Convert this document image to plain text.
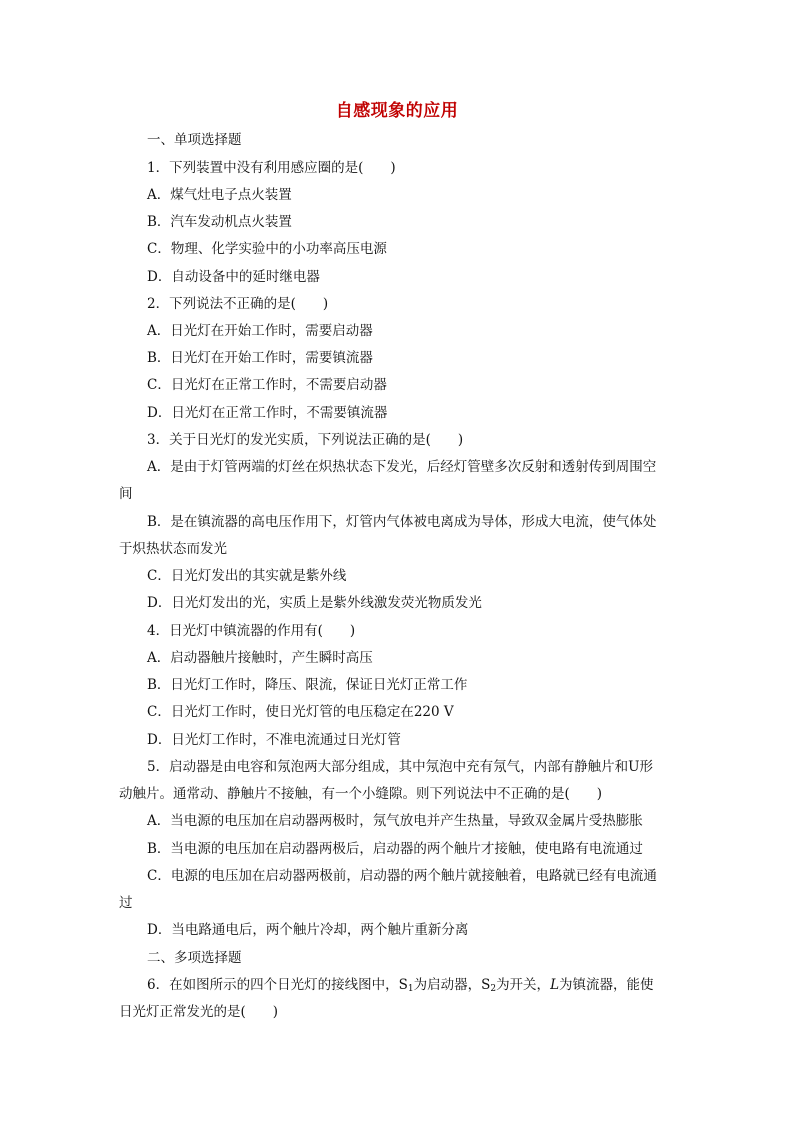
自感现象的应用
一、单项选择题
1．下列装置中没有利用感应圈的是(　　)
A．煤气灶电子点火装置
B．汽车发动机点火装置
C．物理、化学实验中的小功率高压电源
D．自动设备中的延时继电器
2．下列说法不正确的是(　　)
A．日光灯在开始工作时，需要启动器
B．日光灯在开始工作时，需要镇流器
C．日光灯在正常工作时，不需要启动器
D．日光灯在正常工作时，不需要镇流器
3．关于日光灯的发光实质，下列说法正确的是(　　)
A．是由于灯管两端的灯丝在炽热状态下发光，后经灯管壁多次反射和透射传到周围空
间
B．是在镇流器的高电压作用下，灯管内气体被电离成为导体，形成大电流，使气体处
于炽热状态而发光
C．日光灯发出的其实就是紫外线
D．日光灯发出的光，实质上是紫外线激发荧光物质发光
4．日光灯中镇流器的作用有(　　)
A．启动器触片接触时，产生瞬时高压
B．日光灯工作时，降压、限流，保证日光灯正常工作
C．日光灯工作时，使日光灯管的电压稳定在220 V
D．日光灯工作时，不准电流通过日光灯管
5．启动器是由电容和氖泡两大部分组成，其中氖泡中充有氖气，内部有静触片和U形
动触片。通常动、静触片不接触，有一个小缝隙。则下列说法中不正确的是(　　)
A．当电源的电压加在启动器两极时，氖气放电并产生热量，导致双金属片受热膨胀
B．当电源的电压加在启动器两极后，启动器的两个触片才接触，使电路有电流通过
C．电源的电压加在启动器两极前，启动器的两个触片就接触着，电路就已经有电流通
过
D．当电路通电后，两个触片冷却，两个触片重新分离
二、多项选择题
6．在如图所示的四个日光灯的接线图中，$S_1$为启动器，$S_2$为开关，L为镇流器，能使
日光灯正常发光的是(　　)
